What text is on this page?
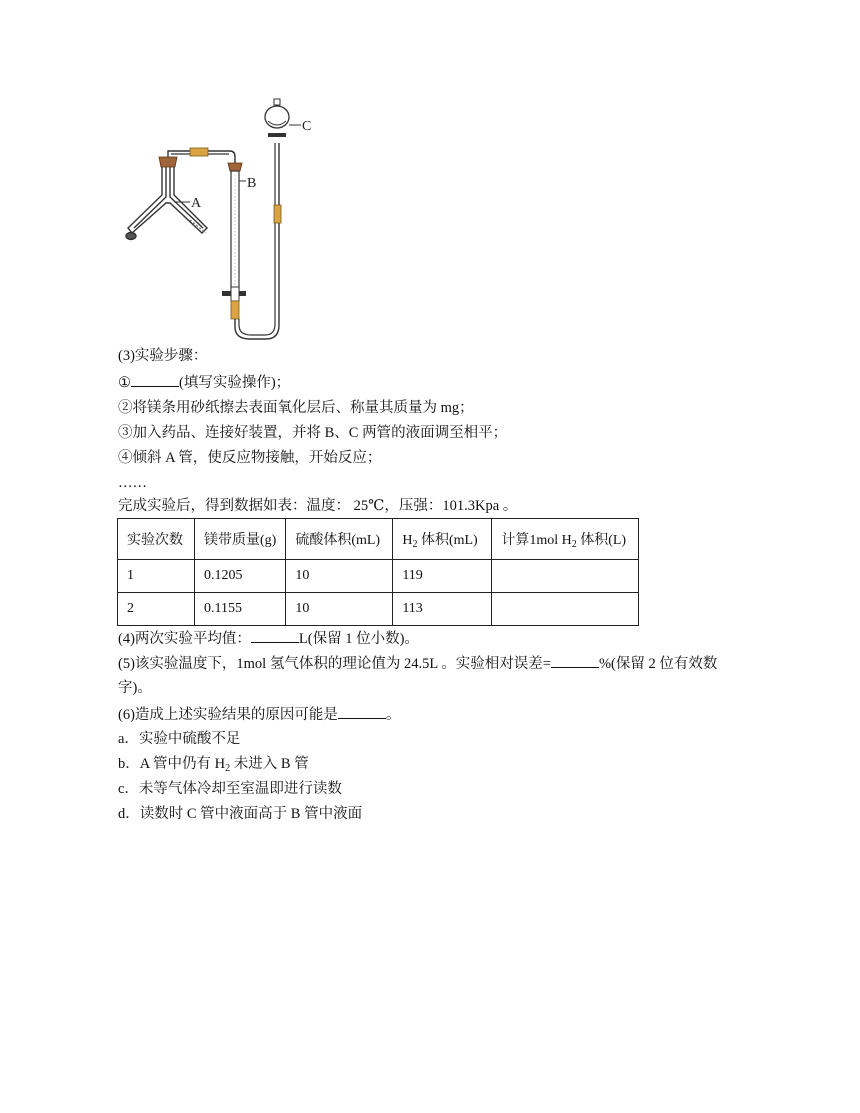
A
B
C
(3)实验步骤：
①	(填写实验操作)；
②将镁条用砂纸擦去表面氧化层后、称量其质量为 mg；
③加入药品、连接好装置，并将 B、C 两管的液面调至相平；
④倾斜 A 管，使反应物接触，开始反应；
……
完成实验后，得到数据如表：温度： 25℃，压强：101.3Kpa 。
实验次数	镁带质量(g)	硫酸体积(mL)	$H_2$ 体积(mL)	计算1mol $H_2$ 体积(L)
1	0.1205	10	119	
2	0.1155	10	113	
(4)两次实验平均值：	L(保留 1 位小数)。
(5)该实验温度下，1mol 氢气体积的理论值为 24.5L 。实验相对误差=	%(保留 2 位有效数
字)。
(6)造成上述实验结果的原因可能是	。
a．实验中硫酸不足
b．A 管中仍有 $H_2$ 未进入 B 管
c．未等气体冷却至室温即进行读数
d．读数时 C 管中液面高于 B 管中液面
